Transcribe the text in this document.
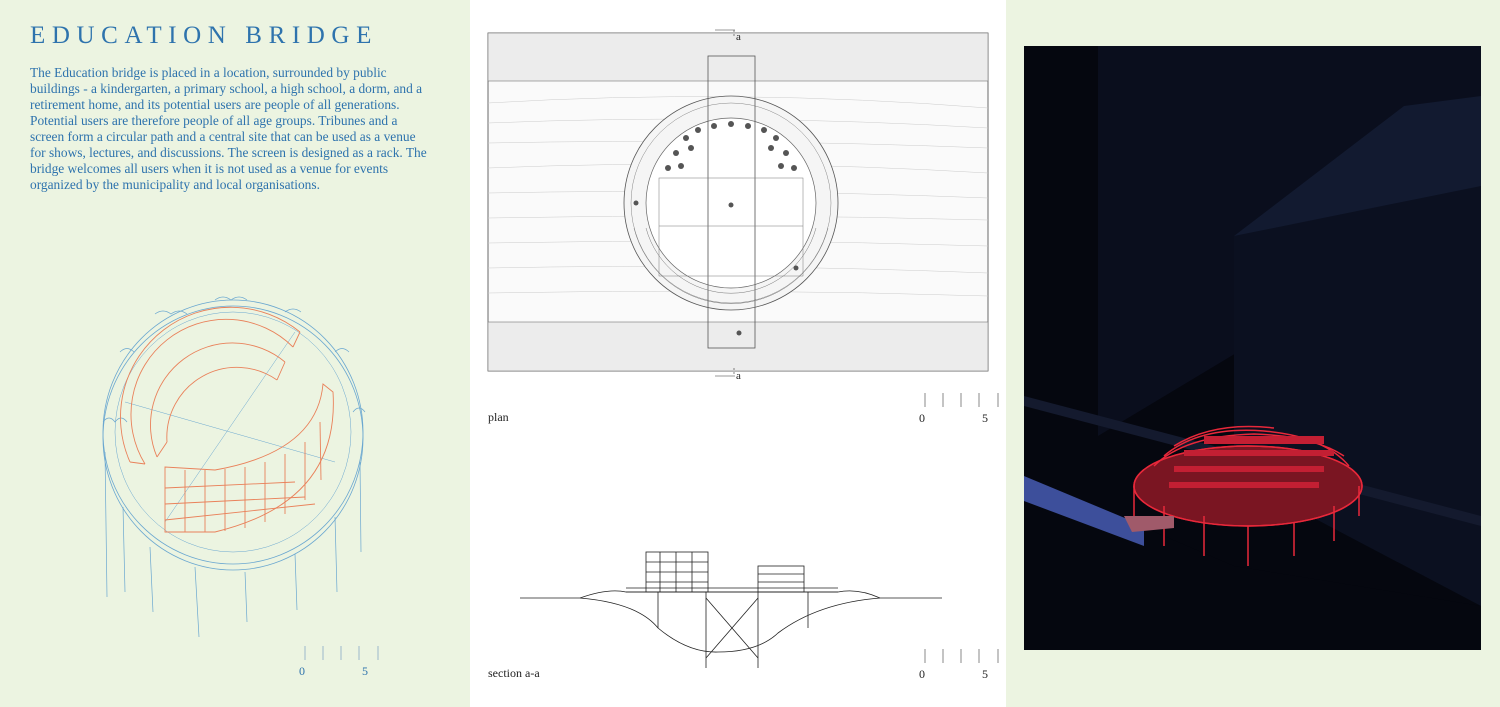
EDUCATION BRIDGE

The Education bridge is placed in a location, surrounded by public buildings - a kindergarten, a primary school, a high school, a dorm, and a retirement home, and its potential users are people of all generations. Potential users are therefore people of all age groups. Tribunes and a screen form a circular path and a central site that can be used as a venue for shows, lectures, and discussions. The screen is designed as a rack. The bridge welcomes all users when it is not used as a venue for events organized by the municipality and local organisations.

0	5
a
a
plan	0	5
section a-a	0	5
